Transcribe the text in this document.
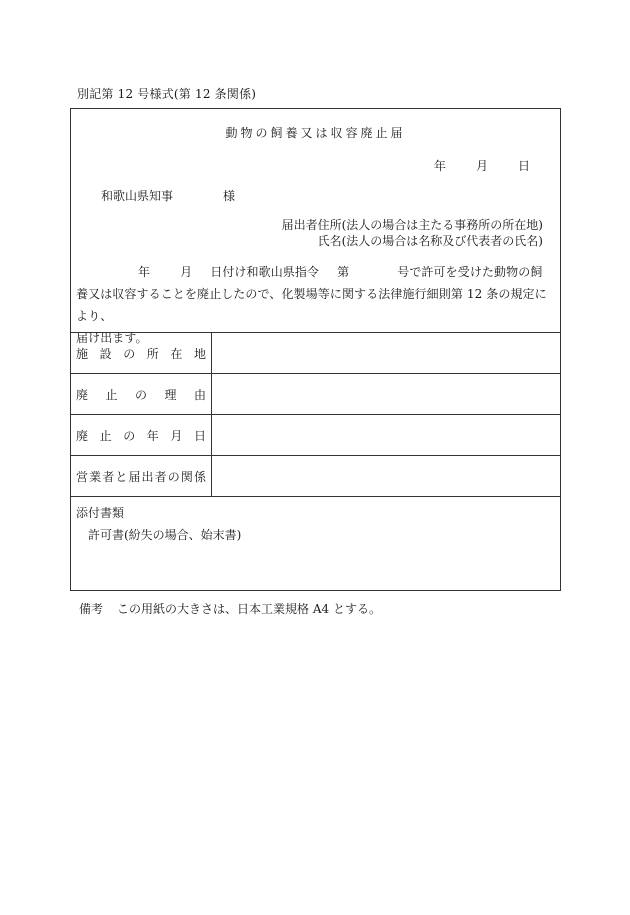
別記第 12 号様式(第 12 条関係)
動物の飼養又は収容廃止届
年	月	日
和歌山県知事	様
届出者住所(法人の場合は主たる事務所の所在地)
氏名(法人の場合は名称及び代表者の氏名)
年	月 日付け和歌山県指令 第	号で許可を受けた動物の飼
養又は収容することを廃止したので、化製場等に関する法律施行細則第 12 条の規定により、
届け出ます。
施設の所在地	
廃止の理由	
廃止の年月日	
営業者と届出者の関係	
添付書類
許可書(紛失の場合、始末書)
備考 この用紙の大きさは、日本工業規格 A4 とする。
